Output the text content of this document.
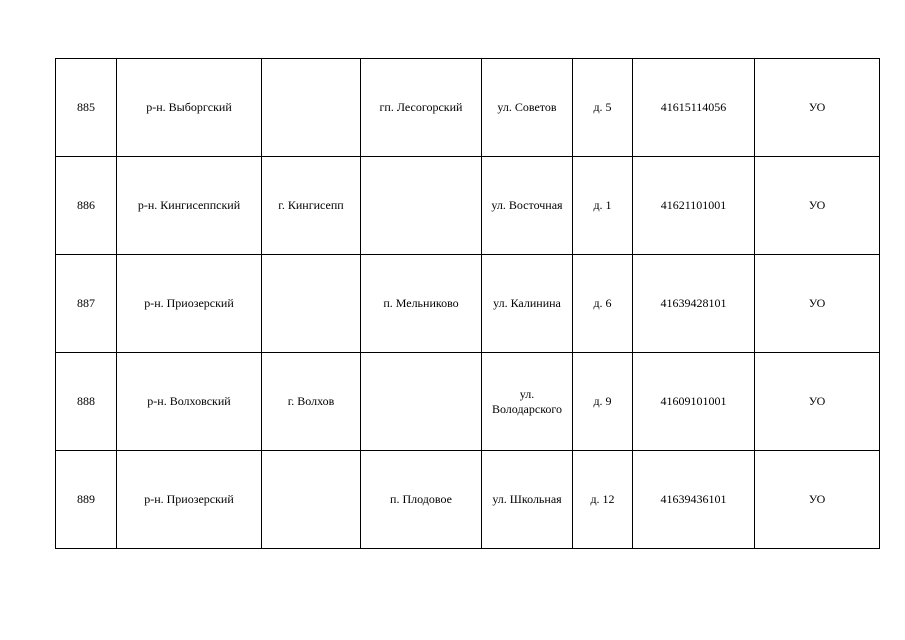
885	р-н. Выборгский		гп. Лесогорский	ул. Советов	д. 5	41615114056	УО
886	р-н. Кингисеппский	г. Кингисепп		ул. Восточная	д. 1	41621101001	УО
887	р-н. Приозерский		п. Мельниково	ул. Калинина	д. 6	41639428101	УО
888	р-н. Волховский	г. Волхов		ул. Володарского	д. 9	41609101001	УО
889	р-н. Приозерский		п. Плодовое	ул. Школьная	д. 12	41639436101	УО
